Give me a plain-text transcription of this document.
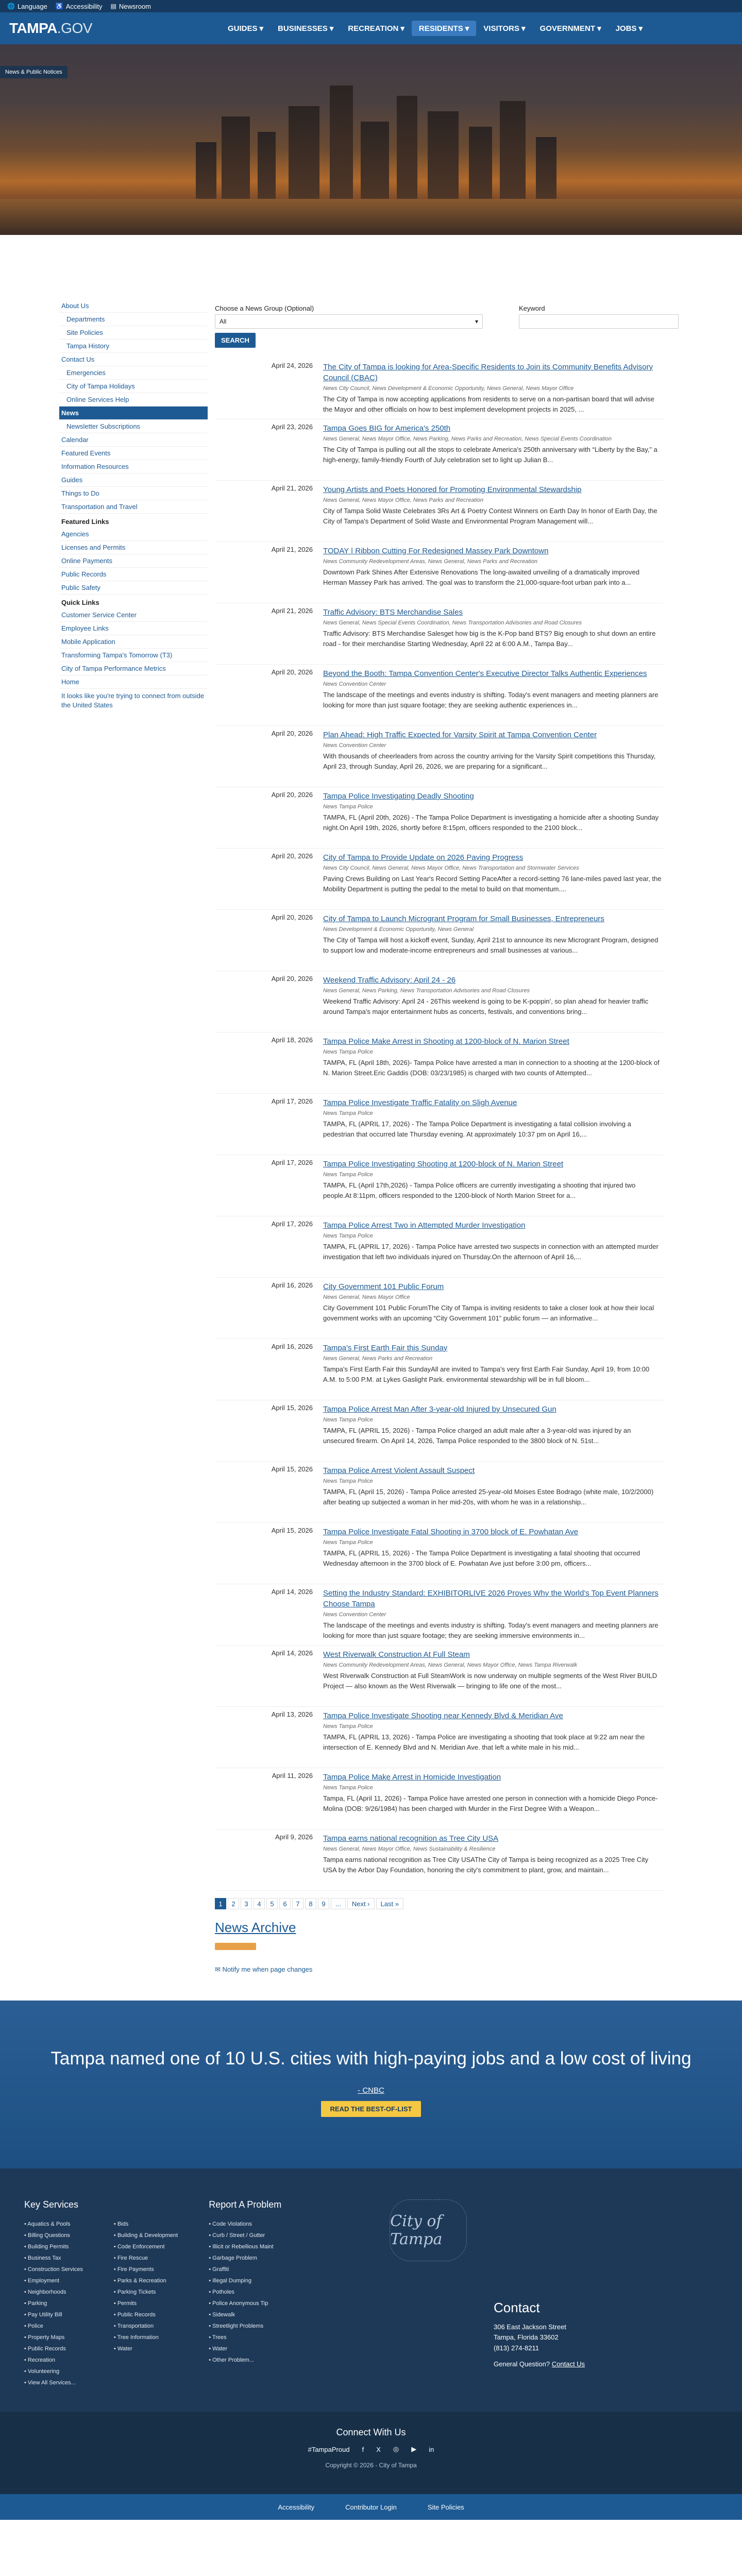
🌐 Language ♿ Accessibility ▤ Newsroom
TAMPA.GOV	GUIDES ▾ BUSINESSES ▾ RECREATION ▾ RESIDENTS ▾ VISITORS ▾ GOVERNMENT ▾ JOBS ▾
News & Public Notices
About Us
Departments
Site Policies
Tampa History
Contact Us
Emergencies
City of Tampa Holidays
Online Services Help
News
Newsletter Subscriptions
Calendar
Featured Events
Information Resources
Guides
Things to Do
Transportation and Travel
Featured Links
Agencies
Licenses and Permits
Online Payments
Public Records
Public Safety
Quick Links
Customer Service Center
Employee Links
Mobile Application
Transforming Tampa's Tomorrow (T3)
City of Tampa Performance Metrics
Home
It looks like you're trying to connect from outside the United States
Choose a News Group (Optional)
All	▾
Keyword
SEARCH
April 24, 2026	The City of Tampa is looking for Area-Specific Residents to Join its Community Benefits Advisory Council (CBAC)
News City Council, News Development & Economic Opportunity, News General, News Mayor Office
The City of Tampa is now accepting applications from residents to serve on a non-partisan board that will advise the Mayor and other officials on how to best implement development projects in 2025, ...
April 23, 2026	Tampa Goes BIG for America's 250th
News General, News Mayor Office, News Parking, News Parks and Recreation, News Special Events Coordination
The City of Tampa is pulling out all the stops to celebrate America's 250th anniversary with “Liberty by the Bay,” a high-energy, family-friendly Fourth of July celebration set to light up Julian B...
April 21, 2026	Young Artists and Poets Honored for Promoting Environmental Stewardship
News General, News Mayor Office, News Parks and Recreation
City of Tampa Solid Waste Celebrates 3Rs Art & Poetry Contest Winners on Earth Day In honor of Earth Day, the City of Tampa's Department of Solid Waste and Environmental Program Management will...
April 21, 2026	TODAY | Ribbon Cutting For Redesigned Massey Park Downtown
News Community Redevelopment Areas, News General, News Parks and Recreation
Downtown Park Shines After Extensive Renovations The long-awaited unveiling of a dramatically improved Herman Massey Park has arrived. The goal was to transform the 21,000-square-foot urban park into a...
April 21, 2026	Traffic Advisory: BTS Merchandise Sales
News General, News Special Events Coordination, News Transportation Advisories and Road Closures
Traffic Advisory: BTS Merchandise Salesget how big is the K-Pop band BTS? Big enough to shut down an entire road - for their merchandise Starting Wednesday, April 22 at 6:00 A.M., Tampa Bay...
April 20, 2026	Beyond the Booth: Tampa Convention Center's Executive Director Talks Authentic Experiences
News Convention Center
The landscape of the meetings and events industry is shifting. Today's event managers and meeting planners are looking for more than just square footage; they are seeking authentic experiences in...
April 20, 2026	Plan Ahead: High Traffic Expected for Varsity Spirit at Tampa Convention Center
News Convention Center
With thousands of cheerleaders from across the country arriving for the Varsity Spirit competitions this Thursday, April 23, through Sunday, April 26, 2026, we are preparing for a significant...
April 20, 2026	Tampa Police Investigating Deadly Shooting
News Tampa Police
TAMPA, FL (April 20th, 2026) - The Tampa Police Department is investigating a homicide after a shooting Sunday night.On April 19th, 2026, shortly before 8:15pm, officers responded to the 2100 block...
April 20, 2026	City of Tampa to Provide Update on 2026 Paving Progress
News City Council, News General, News Mayor Office, News Transportation and Stormwater Services
Paving Crews Building on Last Year's Record Setting PaceAfter a record-setting 76 lane-miles paved last year, the Mobility Department is putting the pedal to the metal to build on that momentum....
April 20, 2026	City of Tampa to Launch Microgrant Program for Small Businesses, Entrepreneurs
News Development & Economic Opportunity, News General
The City of Tampa will host a kickoff event, Sunday, April 21st to announce its new Microgrant Program, designed to support low and moderate-income entrepreneurs and small businesses at various...
April 20, 2026	Weekend Traffic Advisory: April 24 - 26
News General, News Parking, News Transportation Advisories and Road Closures
Weekend Traffic Advisory: April 24 - 26This weekend is going to be K-poppin', so plan ahead for heavier traffic around Tampa's major entertainment hubs as concerts, festivals, and conventions bring...
April 18, 2026	Tampa Police Make Arrest in Shooting at 1200-block of N. Marion Street
News Tampa Police
TAMPA, FL (April 18th, 2026)- Tampa Police have arrested a man in connection to a shooting at the 1200-block of N. Marion Street.Eric Gaddis (DOB: 03/23/1985) is charged with two counts of Attempted...
April 17, 2026	Tampa Police Investigate Traffic Fatality on Sligh Avenue
News Tampa Police
TAMPA, FL (APRIL 17, 2026) - The Tampa Police Department is investigating a fatal collision involving a pedestrian that occurred late Thursday evening. At approximately 10:37 pm on April 16,...
April 17, 2026	Tampa Police Investigating Shooting at 1200-block of N. Marion Street
News Tampa Police
TAMPA, FL (April 17th,2026) - Tampa Police officers are currently investigating a shooting that injured two people.At 8:11pm, officers responded to the 1200-block of North Marion Street for a...
April 17, 2026	Tampa Police Arrest Two in Attempted Murder Investigation
News Tampa Police
TAMPA, FL (APRIL 17, 2026) - Tampa Police have arrested two suspects in connection with an attempted murder investigation that left two individuals injured on Thursday.On the afternoon of April 16,...
April 16, 2026	City Government 101 Public Forum
News General, News Mayor Office
City Government 101 Public ForumThe City of Tampa is inviting residents to take a closer look at how their local government works with an upcoming “City Government 101” public forum — an informative...
April 16, 2026	Tampa's First Earth Fair this Sunday
News General, News Parks and Recreation
Tampa's First Earth Fair this SundayAll are invited to Tampa's very first Earth Fair Sunday, April 19, from 10:00 A.M. to 5:00 P.M. at Lykes Gaslight Park. environmental stewardship will be in full bloom...
April 15, 2026	Tampa Police Arrest Man After 3-year-old Injured by Unsecured Gun
News Tampa Police
TAMPA, FL (APRIL 15, 2026) - Tampa Police charged an adult male after a 3-year-old was injured by an unsecured firearm. On April 14, 2026, Tampa Police responded to the 3800 block of N. 51st...
April 15, 2026	Tampa Police Arrest Violent Assault Suspect
News Tampa Police
TAMPA, FL (April 15, 2026) - Tampa Police arrested 25-year-old Moises Estee Bodrago (white male, 10/2/2000) after beating up subjected a woman in her mid-20s, with whom he was in a relationship...
April 15, 2026	Tampa Police Investigate Fatal Shooting in 3700 block of E. Powhatan Ave
News Tampa Police
TAMPA, FL (APRIL 15, 2026) - The Tampa Police Department is investigating a fatal shooting that occurred Wednesday afternoon in the 3700 block of E. Powhatan Ave just before 3:00 pm, officers...
April 14, 2026	Setting the Industry Standard: EXHIBITORLIVE 2026 Proves Why the World's Top Event Planners Choose Tampa
News Convention Center
The landscape of the meetings and events industry is shifting. Today's event managers and meeting planners are looking for more than just square footage; they are seeking immersive environments in...
April 14, 2026	West Riverwalk Construction At Full Steam
News Community Redevelopment Areas, News General, News Mayor Office, News Tampa Riverwalk
West Riverwalk Construction at Full SteamWork is now underway on multiple segments of the West River BUILD Project — also known as the West Riverwalk — bringing to life one of the most...
April 13, 2026	Tampa Police Investigate Shooting near Kennedy Blvd & Meridian Ave
News Tampa Police
TAMPA, FL (APRIL 13, 2026) - Tampa Police are investigating a shooting that took place at 9:22 am near the intersection of E. Kennedy Blvd and N. Meridian Ave. that left a white male in his mid...
April 11, 2026	Tampa Police Make Arrest in Homicide Investigation
News Tampa Police
Tampa, FL (April 11, 2026) - Tampa Police have arrested one person in connection with a homicide Diego Ponce-Molina (DOB: 9/26/1984) has been charged with Murder in the First Degree With a Weapon...
April 9, 2026	Tampa earns national recognition as Tree City USA
News General, News Mayor Office, News Sustainability & Resilience
Tampa earns national recognition as Tree City USAThe City of Tampa is being recognized as a 2025 Tree City USA by the Arbor Day Foundation, honoring the city's commitment to plant, grow, and maintain...
1	2	3	4	5	6	7	8	9	...	Next ›	Last »
News Archive
✉ Notify me when page changes
Tampa named one of 10 U.S. cities with high-paying jobs and a low cost of living
- CNBC
READ THE BEST-OF-LIST
Key Services
• Aquatics & Pools
• Billing Questions
• Building Permits
• Business Tax
• Construction Services
• Employment
• Neighborhoods
• Parking
• Pay Utility Bill
• Police
• Property Maps
• Public Records
• Recreation
• Volunteering
• View All Services...
• Bids
• Building & Development
• Code Enforcement
• Fire Rescue
• Fire Payments
• Parks & Recreation
• Parking Tickets
• Permits
• Public Records
• Transportation
• Tree Information
• Water
Report A Problem
• Code Violations
• Curb / Street / Gutter
• Illicit or Rebellious Maint
• Garbage Problem
• Graffiti
• Illegal Dumping
• Potholes
• Police Anonymous Tip
• Sidewalk
• Streetlight Problems
• Trees
• Water
• Other Problem...
City of Tampa
Contact
306 East Jackson Street
Tampa, Florida 33602
(813) 274-8211
General Question? Contact Us
Connect With Us
#TampaProud f X ◎ ▶ in
Copyright © 2026 - City of Tampa
Accessibility	Contributor Login	Site Policies
